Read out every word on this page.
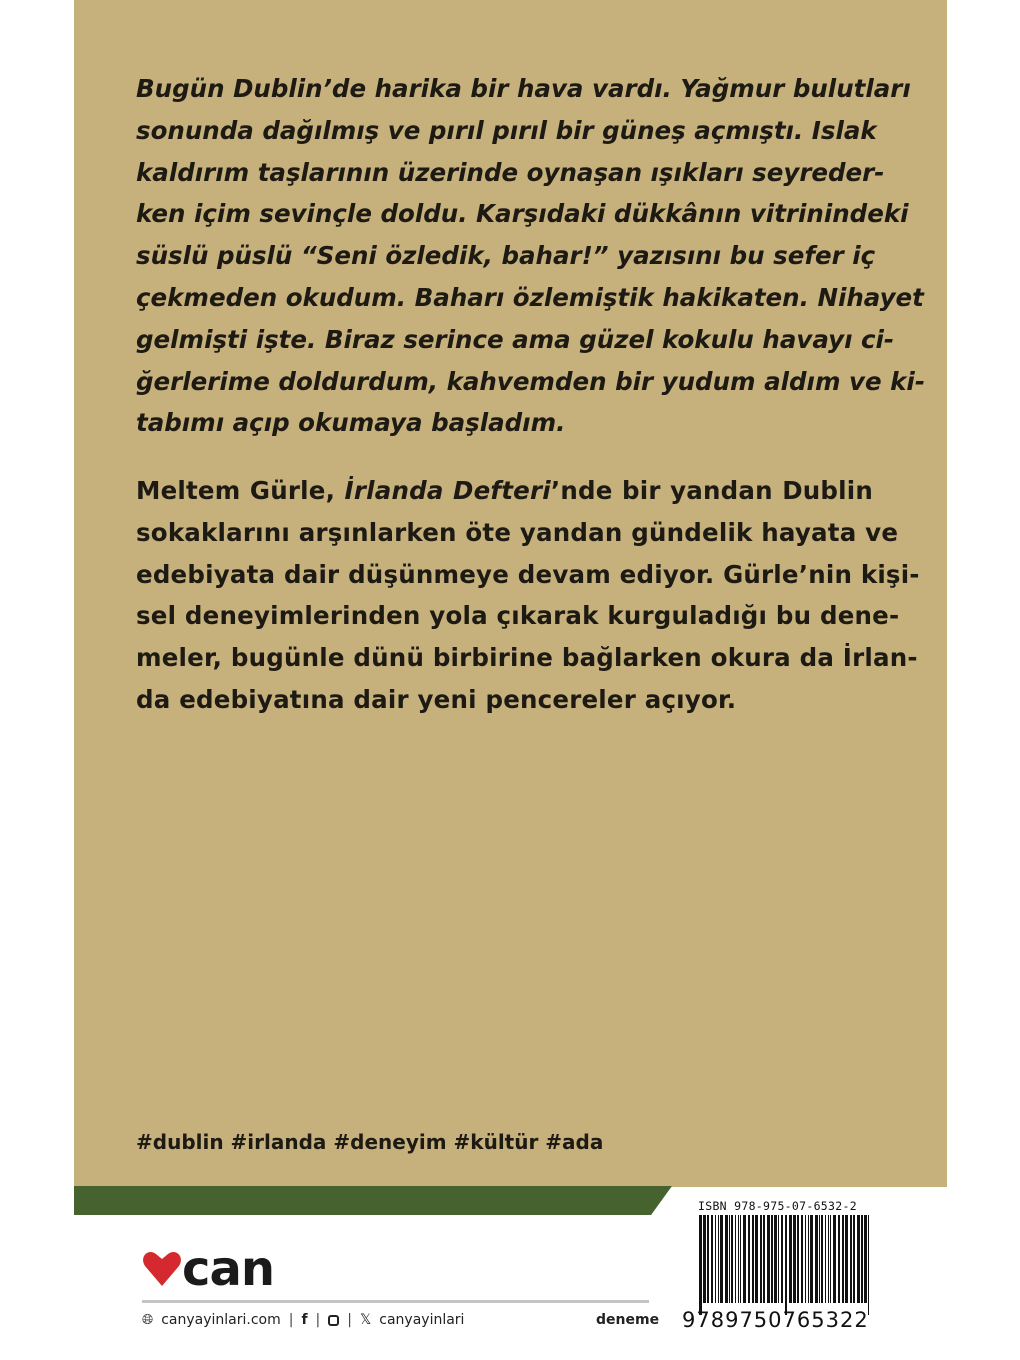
Bugün Dublin’de harika bir hava vardı. Yağmur bulutları
sonunda dağılmış ve pırıl pırıl bir güneş açmıştı. Islak
kaldırım taşlarının üzerinde oynaşan ışıkları seyreder-
ken içim sevinçle doldu. Karşıdaki dükkânın vitrinindeki
süslü püslü “Seni özledik, bahar!” yazısını bu sefer iç
çekmeden okudum. Baharı özlemiştik hakikaten. Nihayet
gelmişti işte. Biraz serince ama güzel kokulu havayı ci-
ğerlerime doldurdum, kahvemden bir yudum aldım ve ki-
tabımı açıp okumaya başladım.
Meltem Gürle, İrlanda Defteri’nde bir yandan Dublin
sokaklarını arşınlarken öte yandan gündelik hayata ve
edebiyata dair düşünmeye devam ediyor. Gürle’nin kişi-
sel deneyimlerinden yola çıkarak kurguladığı bu dene-
meler, bugünle dünü birbirine bağlarken okura da İrlan-
da edebiyatına dair yeni pencereler açıyor.
#dublin #irlanda #deneyim #kültür #ada
can
🌐︎ canyayinlari.com | f | | 𝕏 canyayinlari	deneme
ISBN 978-975-07-6532-2
9789750765322
